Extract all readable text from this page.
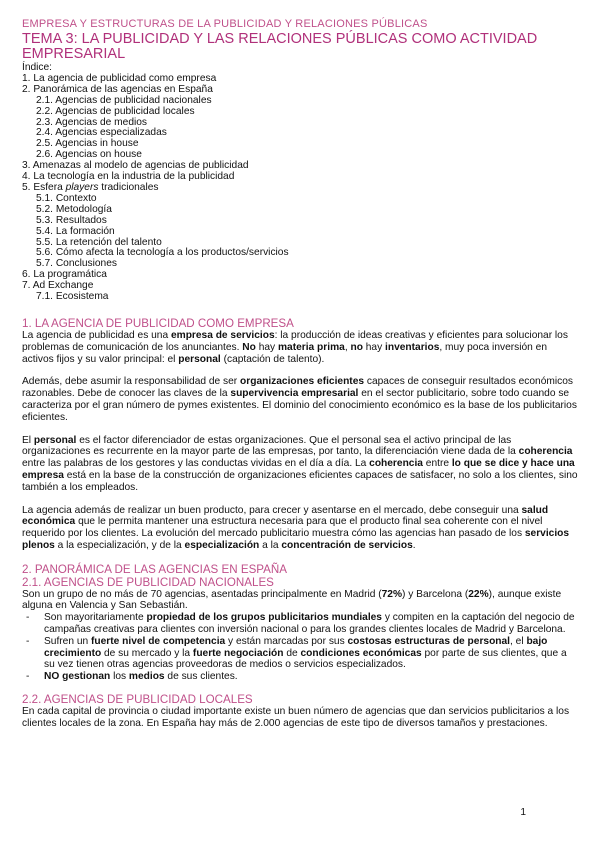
EMPRESA Y ESTRUCTURAS DE LA PUBLICIDAD Y RELACIONES PÚBLICAS
TEMA 3: LA PUBLICIDAD Y LAS RELACIONES PÚBLICAS COMO ACTIVIDAD EMPRESARIAL
Índice:
1. La agencia de publicidad como empresa
2. Panorámica de las agencias en España
2.1. Agencias de publicidad nacionales
2.2. Agencias de publicidad locales
2.3. Agencias de medios
2.4. Agencias especializadas
2.5. Agencias in house
2.6. Agencias on house
3. Amenazas al modelo de agencias de publicidad
4. La tecnología en la industria de la publicidad
5. Esfera players tradicionales
5.1. Contexto
5.2. Metodología
5.3. Resultados
5.4. La formación
5.5. La retención del talento
5.6. Cómo afecta la tecnología a los productos/servicios
5.7. Conclusiones
6. La programática
7. Ad Exchange
7.1. Ecosistema
1. LA AGENCIA DE PUBLICIDAD COMO EMPRESA

La agencia de publicidad es una empresa de servicios: la producción de ideas creativas y eficientes para solucionar los problemas de comunicación de los anunciantes. No hay materia prima, no hay inventarios, muy poca inversión en activos fijos y su valor principal: el personal (captación de talento).

Además, debe asumir la responsabilidad de ser organizaciones eficientes capaces de conseguir resultados económicos razonables. Debe de conocer las claves de la supervivencia empresarial en el sector publicitario, sobre todo cuando se caracteriza por el gran número de pymes existentes. El dominio del conocimiento económico es la base de los publicitarios eficientes.

El personal es el factor diferenciador de estas organizaciones. Que el personal sea el activo principal de las organizaciones es recurrente en la mayor parte de las empresas, por tanto, la diferenciación viene dada de la coherencia entre las palabras de los gestores y las conductas vividas en el día a día. La coherencia entre lo que se dice y hace una empresa está en la base de la construcción de organizaciones eficientes capaces de satisfacer, no solo a los clientes, sino también a los empleados.

La agencia además de realizar un buen producto, para crecer y asentarse en el mercado, debe conseguir una salud económica que le permita mantener una estructura necesaria para que el producto final sea coherente con el nivel requerido por los clientes. La evolución del mercado publicitario muestra cómo las agencias han pasado de los servicios plenos a la especialización, y de la especialización a la concentración de servicios.

2. PANORÁMICA DE LAS AGENCIAS EN ESPAÑA
2.1. AGENCIAS DE PUBLICIDAD NACIONALES

Son un grupo de no más de 70 agencias, asentadas principalmente en Madrid (72%) y Barcelona (22%), aunque existe alguna en Valencia y San Sebastián.

- Son mayoritariamente propiedad de los grupos publicitarios mundiales y compiten en la captación del negocio de campañas creativas para clientes con inversión nacional o para los grandes clientes locales de Madrid y Barcelona.
- Sufren un fuerte nivel de competencia y están marcadas por sus costosas estructuras de personal, el bajo crecimiento de su mercado y la fuerte negociación de condiciones económicas por parte de sus clientes, que a su vez tienen otras agencias proveedoras de medios o servicios especializados.
- NO gestionan los medios de sus clientes.
2.2. AGENCIAS DE PUBLICIDAD LOCALES

En cada capital de provincia o ciudad importante existe un buen número de agencias que dan servicios publicitarios a los clientes locales de la zona. En España hay más de 2.000 agencias de este tipo de diversos tamaños y prestaciones.

1
